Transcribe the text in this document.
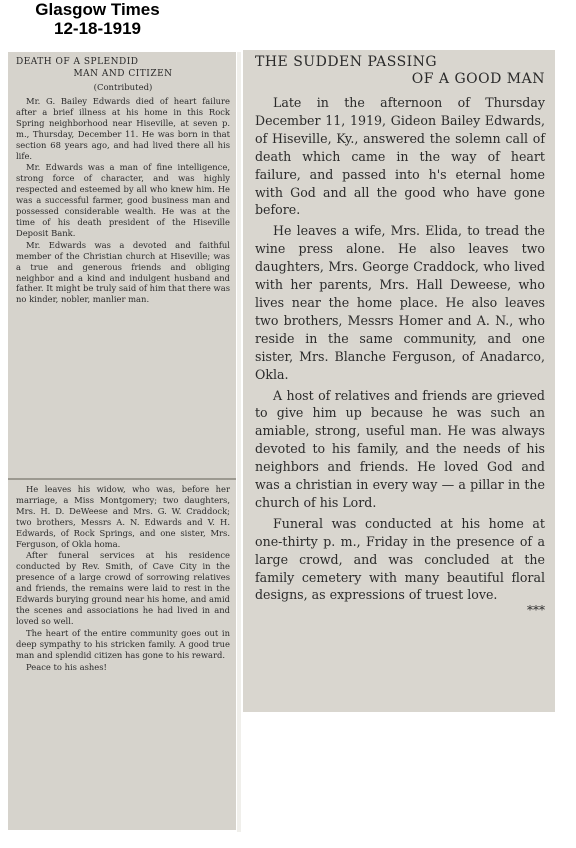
Glasgow Times
12-18-1919
DEATH OF A SPLENDID
MAN AND CITIZEN
(Contributed)

Mr. G. Bailey Edwards died of heart failure after a brief illness at his home in this Rock Spring neighborhood near Hiseville, at seven p. m., Thursday, December 11. He was born in that section 68 years ago, and had lived there all his life.

Mr. Edwards was a man of fine intelligence, strong force of character, and was highly respected and esteemed by all who knew him. He was a successful farmer, good business man and possessed considerable wealth. He was at the time of his death president of the Hiseville Deposit Bank.

Mr. Edwards was a devoted and faithful member of the Christian church at Hiseville; was a true and generous friends and obliging neighbor and a kind and indulgent husband and father. It might be truly said of him that there was no kinder, nobler, manlier man.

He leaves his widow, who was, before her marriage, a Miss Montgomery; two daughters, Mrs. H. D. DeWeese and Mrs. G. W. Craddock; two brothers, Messrs A. N. Edwards and V. H. Edwards, of Rock Springs, and one sister, Mrs. Ferguson, of Okla homa.

After funeral services at his residence conducted by Rev. Smith, of Cave City in the presence of a large crowd of sorrowing relatives and friends, the remains were laid to rest in the Edwards burying ground near his home, and amid the scenes and associations he had lived in and loved so well.

The heart of the entire community goes out in deep sympathy to his stricken family. A good true man and splendid citizen has gone to his reward.

Peace to his ashes!
THE SUDDEN PASSING
OF A GOOD MAN

Late in the afternoon of Thursday December 11, 1919, Gideon Bailey Edwards, of Hiseville, Ky., answered the solemn call of death which came in the way of heart failure, and passed into h's eternal home with God and all the good who have gone before.

He leaves a wife, Mrs. Elida, to tread the wine press alone. He also leaves two daughters, Mrs. George Craddock, who lived with her parents, Mrs. Hall Deweese, who lives near the home place. He also leaves two brothers, Messrs Homer and A. N., who reside in the same community, and one sister, Mrs. Blanche Ferguson, of Anadarco, Okla.

A host of relatives and friends are grieved to give him up because he was such an amiable, strong, useful man. He was always devoted to his family, and the needs of his neighbors and friends. He loved God and was a christian in every way — a pillar in the church of his Lord.

Funeral was conducted at his home at one-thirty p. m., Friday in the presence of a large crowd, and was concluded at the family cemetery with many beautiful floral designs, as expressions of truest love.

***
